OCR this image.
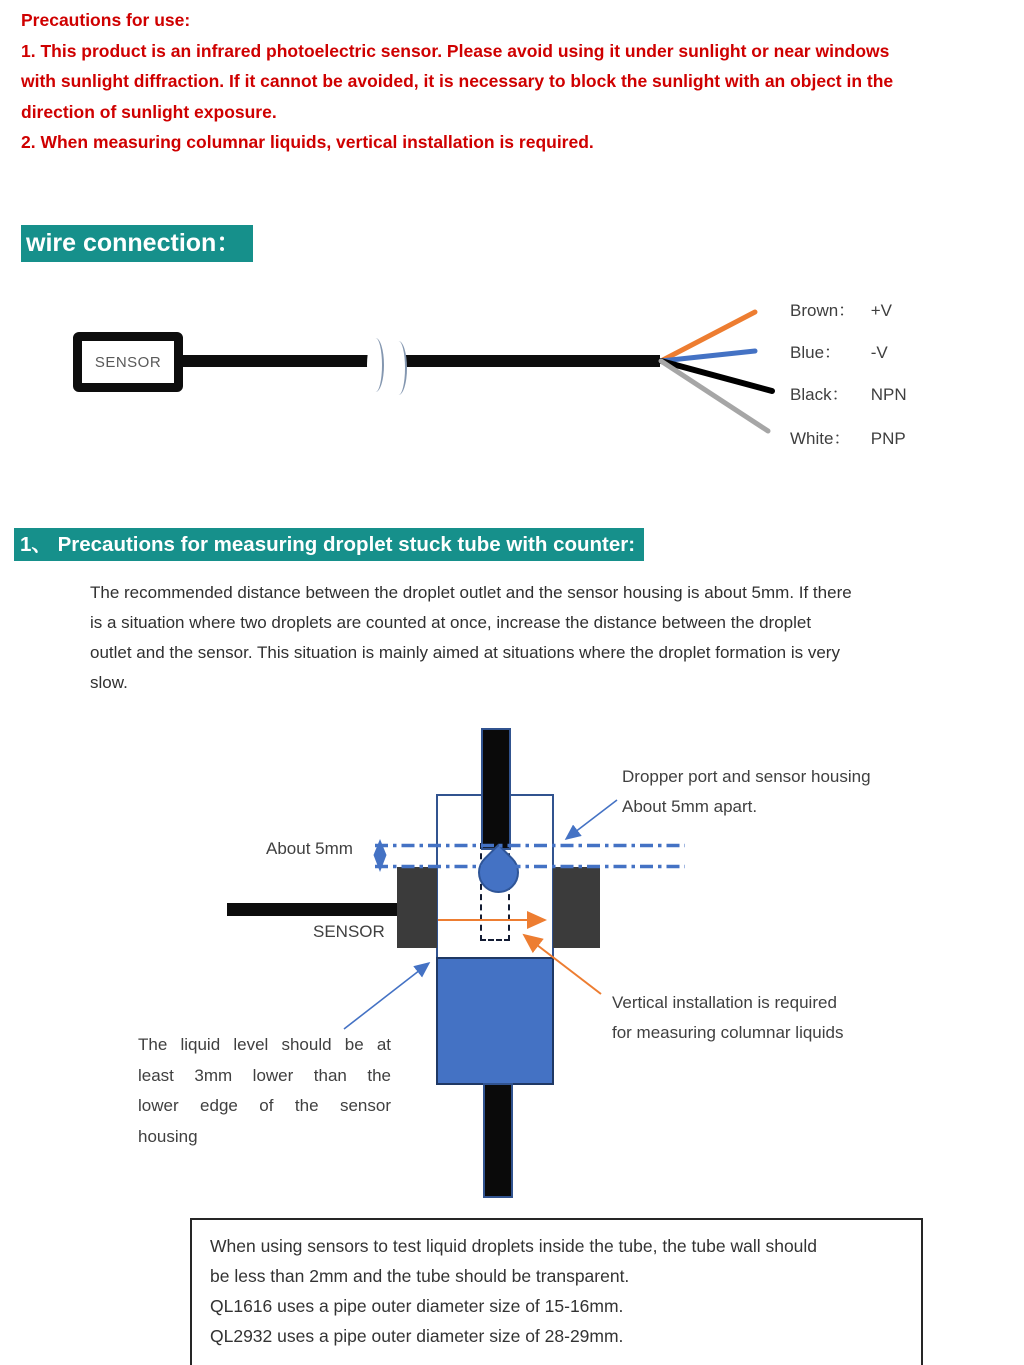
Precautions for use:
1. This product is an infrared photoelectric sensor. Please avoid using it under sunlight or near windows
with sunlight diffraction. If it cannot be avoided, it is necessary to block the sunlight with an object in the
direction of sunlight exposure.
2. When measuring columnar liquids, vertical installation is required.
wire connection：
SENSOR
Brown： +V
Blue： -V
Black： NPN
White： PNP
1、 Precautions for measuring droplet stuck tube with counter:
The recommended distance between the droplet outlet and the sensor housing is about 5mm. If there
is a situation where two droplets are counted at once, increase the distance between the droplet
outlet and the sensor. This situation is mainly aimed at situations where the droplet formation is very
slow.
About 5mm
SENSOR
Dropper port and sensor housing
About 5mm apart.
Vertical installation is required
for measuring columnar liquids
The liquid level should be at
least 3mm lower than the
lower edge of the sensor
housing
When using sensors to test liquid droplets inside the tube, the tube wall should
be less than 2mm and the tube should be transparent.
QL1616 uses a pipe outer diameter size of 15-16mm.
QL2932 uses a pipe outer diameter size of 28-29mm.
